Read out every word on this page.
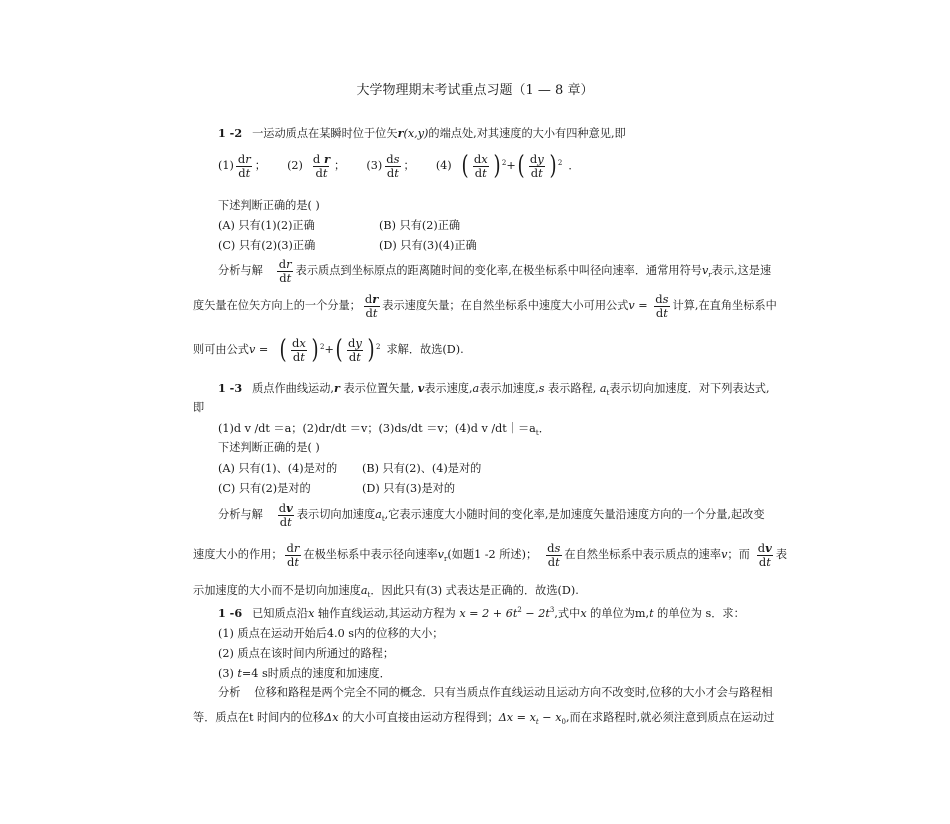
大学物理期末考试重点习题（1 — 8 章）
1 -2 一运动质点在某瞬时位于位矢r(x,y)的端点处,对其速度的大小有四种意见,即
$(1) \frac{dr}{dt}$ ； $(2) \frac{\text{d r}}{dt}$ ； $(3) \frac{ds}{dt}$ ； (4) ( $\frac{dx}{dt}$ ) $^2+( \frac{dy}{dt}$ ) $^2$ ．
下述判断正确的是( )
(A) 只有(1)(2)正确	(B) 只有(2)正确
(C) 只有(2)(3)正确	(D) 只有(3)(4)正确
分析与解 $\frac{dr}{dt}$ 表示质点到坐标原点的距离随时间的变化率,在极坐标系中叫径向速率．通常用符号$v_r$表示,这是速
度矢量在位矢方向上的一个分量； $\frac{dr}{dt}$ 表示速度矢量；在自然坐标系中速度大小可用公式$v = \frac{ds}{dt}$ 计算,在直角坐标系中
则可由公式v = ( $\frac{dx}{dt}$ ) $^2+( \frac{dy}{dt}$ ) $^2$ 求解．故选(D).
1 -3 质点作曲线运动,r 表示位置矢量, v表示速度,a表示加速度,s 表示路程, $a_t$表示切向加速度．对下列表达式,
即
(1)d v /dt ＝a；(2)dr/dt ＝v；(3)ds/dt ＝v；(4)d v $/dt|=a_t$．
下述判断正确的是( )
(A) 只有(1)、(4)是对的 (B) 只有(2)、(4)是对的
(C) 只有(2)是对的	(D) 只有(3)是对的
分析与解 $\frac{dv}{dt}$ 表示切向加速度$a_t$,它表示速度大小随时间的变化率,是加速度矢量沿速度方向的一个分量,起改变
速度大小的作用； $\frac{dr}{dt}$ 在极坐标系中表示径向速率$v_r$(如题1 -2 所述)； $\frac{ds}{dt}$ 在自然坐标系中表示质点的速率v；而 $\frac{dv}{dt}$ 表
示加速度的大小而不是切向加速度$a_t$．因此只有(3) 式表达是正确的．故选(D).
1 -6 已知质点沿x 轴作直线运动,其运动方程为 $x = 2 + 6t^2 - 2t^3$,式中x 的单位为m,t 的单位为 s．求：
(1) 质点在运动开始后4.0 s内的位移的大小；
(2) 质点在该时间内所通过的路程；
(3) t=4 s时质点的速度和加速度．
分析 位移和路程是两个完全不同的概念．只有当质点作直线运动且运动方向不改变时,位移的大小才会与路程相
等．质点在t 时间内的位移Δx 的大小可直接由运动方程得到；$\Delta x = x_t - x_0$,而在求路程时,就必须注意到质点在运动过
